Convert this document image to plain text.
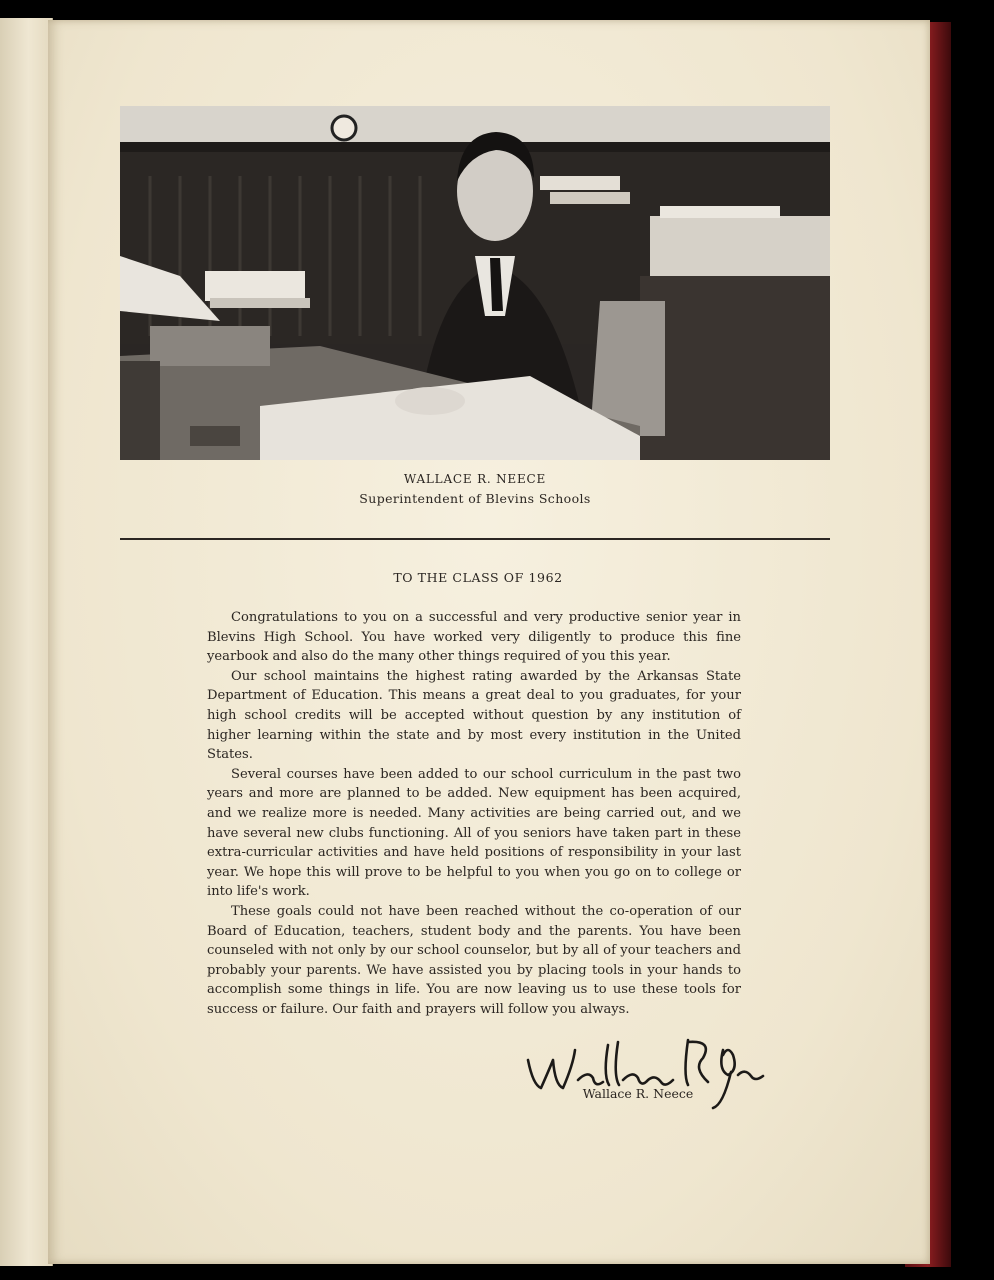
WALLACE R. NEECE
Superintendent of Blevins Schools
TO THE CLASS OF 1962

Congratulations to you on a successful and very productive senior year in Blevins High School. You have worked very diligently to produce this fine yearbook and also do the many other things required of you this year.

Our school maintains the highest rating awarded by the Arkansas State Department of Education. This means a great deal to you graduates, for your high school credits will be accepted without question by any institution of higher learning within the state and by most every institution in the United States.

Several courses have been added to our school curriculum in the past two years and more are planned to be added. New equipment has been acquired, and we realize more is needed. Many activities are being carried out, and we have several new clubs functioning. All of you seniors have taken part in these extra-curricular activities and have held positions of responsibility in your last year. We hope this will prove to be helpful to you when you go on to college or into life's work.

These goals could not have been reached without the co-operation of our Board of Education, teachers, student body and the parents. You have been counseled with not only by our school counselor, but by all of your teachers and probably your parents. We have assisted you by placing tools in your hands to accomplish some things in life. You are now leaving us to use these tools for success or failure. Our faith and prayers will follow you always.

Wallace R. Neece
